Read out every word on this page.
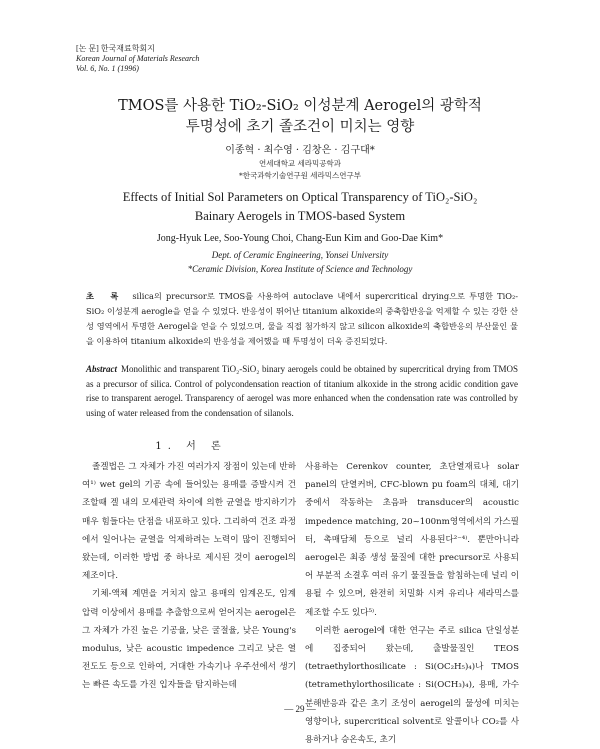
[논 문] 한국재료학회지
Korean Journal of Materials Research
Vol. 6, No. 1 (1996)
TMOS를 사용한 TiO₂-SiO₂ 이성분계 Aerogel의 광학적
투명성에 초기 졸조건이 미치는 영향
이종혁 · 최수영 · 김창은 · 김구대*
연세대학교 세라믹공학과
*한국과학기술연구원 세라믹스연구부
Effects of Initial Sol Parameters on Optical Transparency of TiO₂-SiO₂
Bainary Aerogels in TMOS-based System
Jong-Hyuk Lee, Soo-Young Choi, Chang-Eun Kim and Goo-Dae Kim*
Dept. of Ceramic Engineering, Yonsei University
*Ceramic Division, Korea Institute of Science and Technology
초 록 silica의 precursor로 TMOS를 사용하여 autoclave 내에서 supercritical drying으로 투명한 TiO₂-SiO₂ 이성분계 aerogle을 얻을 수 있었다. 반응성이 뛰어난 titanium alkoxide의 중축합반응을 억제할 수 있는 강한 산성 영역에서 투명한 Aerogel을 얻을 수 있었으며, 물을 직접 첨가하지 않고 silicon alkoxide의 축합반응의 부산물인 물을 이용하여 titanium alkoxide의 반응성을 제어했을 때 투명성이 더욱 증진되었다.
Abstract Monolithic and transparent TiO₂-SiO₂ binary aerogels could be obtained by supercritical drying from TMOS as a precursor of silica. Control of polycondensation reaction of titanium alkoxide in the strong acidic condition gave rise to transparent aerogel. Transparency of aerogel was more enhanced when the condensation rate was controlled by using of water released from the condensation of silanols.
1. 서 론

졸겔법은 그 자체가 가진 여러가지 장점이 있는데 반하여¹⁾ wet gel의 기공 속에 들어있는 용매를 증발시켜 건조할때 겔 내의 모세관력 차이에 의한 균열을 방지하기가 매우 힘들다는 단점을 내포하고 있다. 그리하여 건조 과정에서 일어나는 균열을 억제하려는 노력이 많이 진행되어 왔는데, 이러한 방법 중 하나로 제시된 것이 aerogel의 제조이다.

기체-액체 계면을 거치지 않고 용매의 임계온도, 임계압력 이상에서 용매를 추출함으로써 얻어지는 aerogel은 그 자체가 가진 높은 기공율, 낮은 굴절율, 낮은 Young's modulus, 낮은 acoustic impedence 그리고 낮은 열전도도 등으로 인하여, 거대한 가속기나 우주선에서 생기는 빠른 속도를 가진 입자들을 탐지하는데

사용하는 Cerenkov counter, 초단열재료나 solar panel의 단열커버, CFC-blown pu foam의 대체, 대기중에서 작동하는 초음파 transducer의 acoustic impedence matching, 20~100nm영역에서의 가스필터, 촉매담체 등으로 널리 사용된다²⁻⁴⁾. 뿐만아니라 aerogel은 최종 생성 물질에 대한 precursor로 사용되어 부분적 소결후 여러 유기 물질들을 함침하는데 널리 이용될 수 있으며, 완전히 치밀화 시켜 유리나 세라믹스를 제조할 수도 있다⁵⁾.

이러한 aerogel에 대한 연구는 주로 silica 단일성분에 집중되어 왔는데, 출발물질인 TEOS (tetraethylorthosilicate : Si(OC₂H₅)₄)나 TMOS (tetramethylorthosilicate : Si(OCH₃)₄), 용매, 가수분해반응과 같은 초기 조성이 aerogel의 물성에 미치는 영향이나, supercritical solvent로 알콜이나 CO₂를 사용하거나 승온속도, 초기

— 29 —
